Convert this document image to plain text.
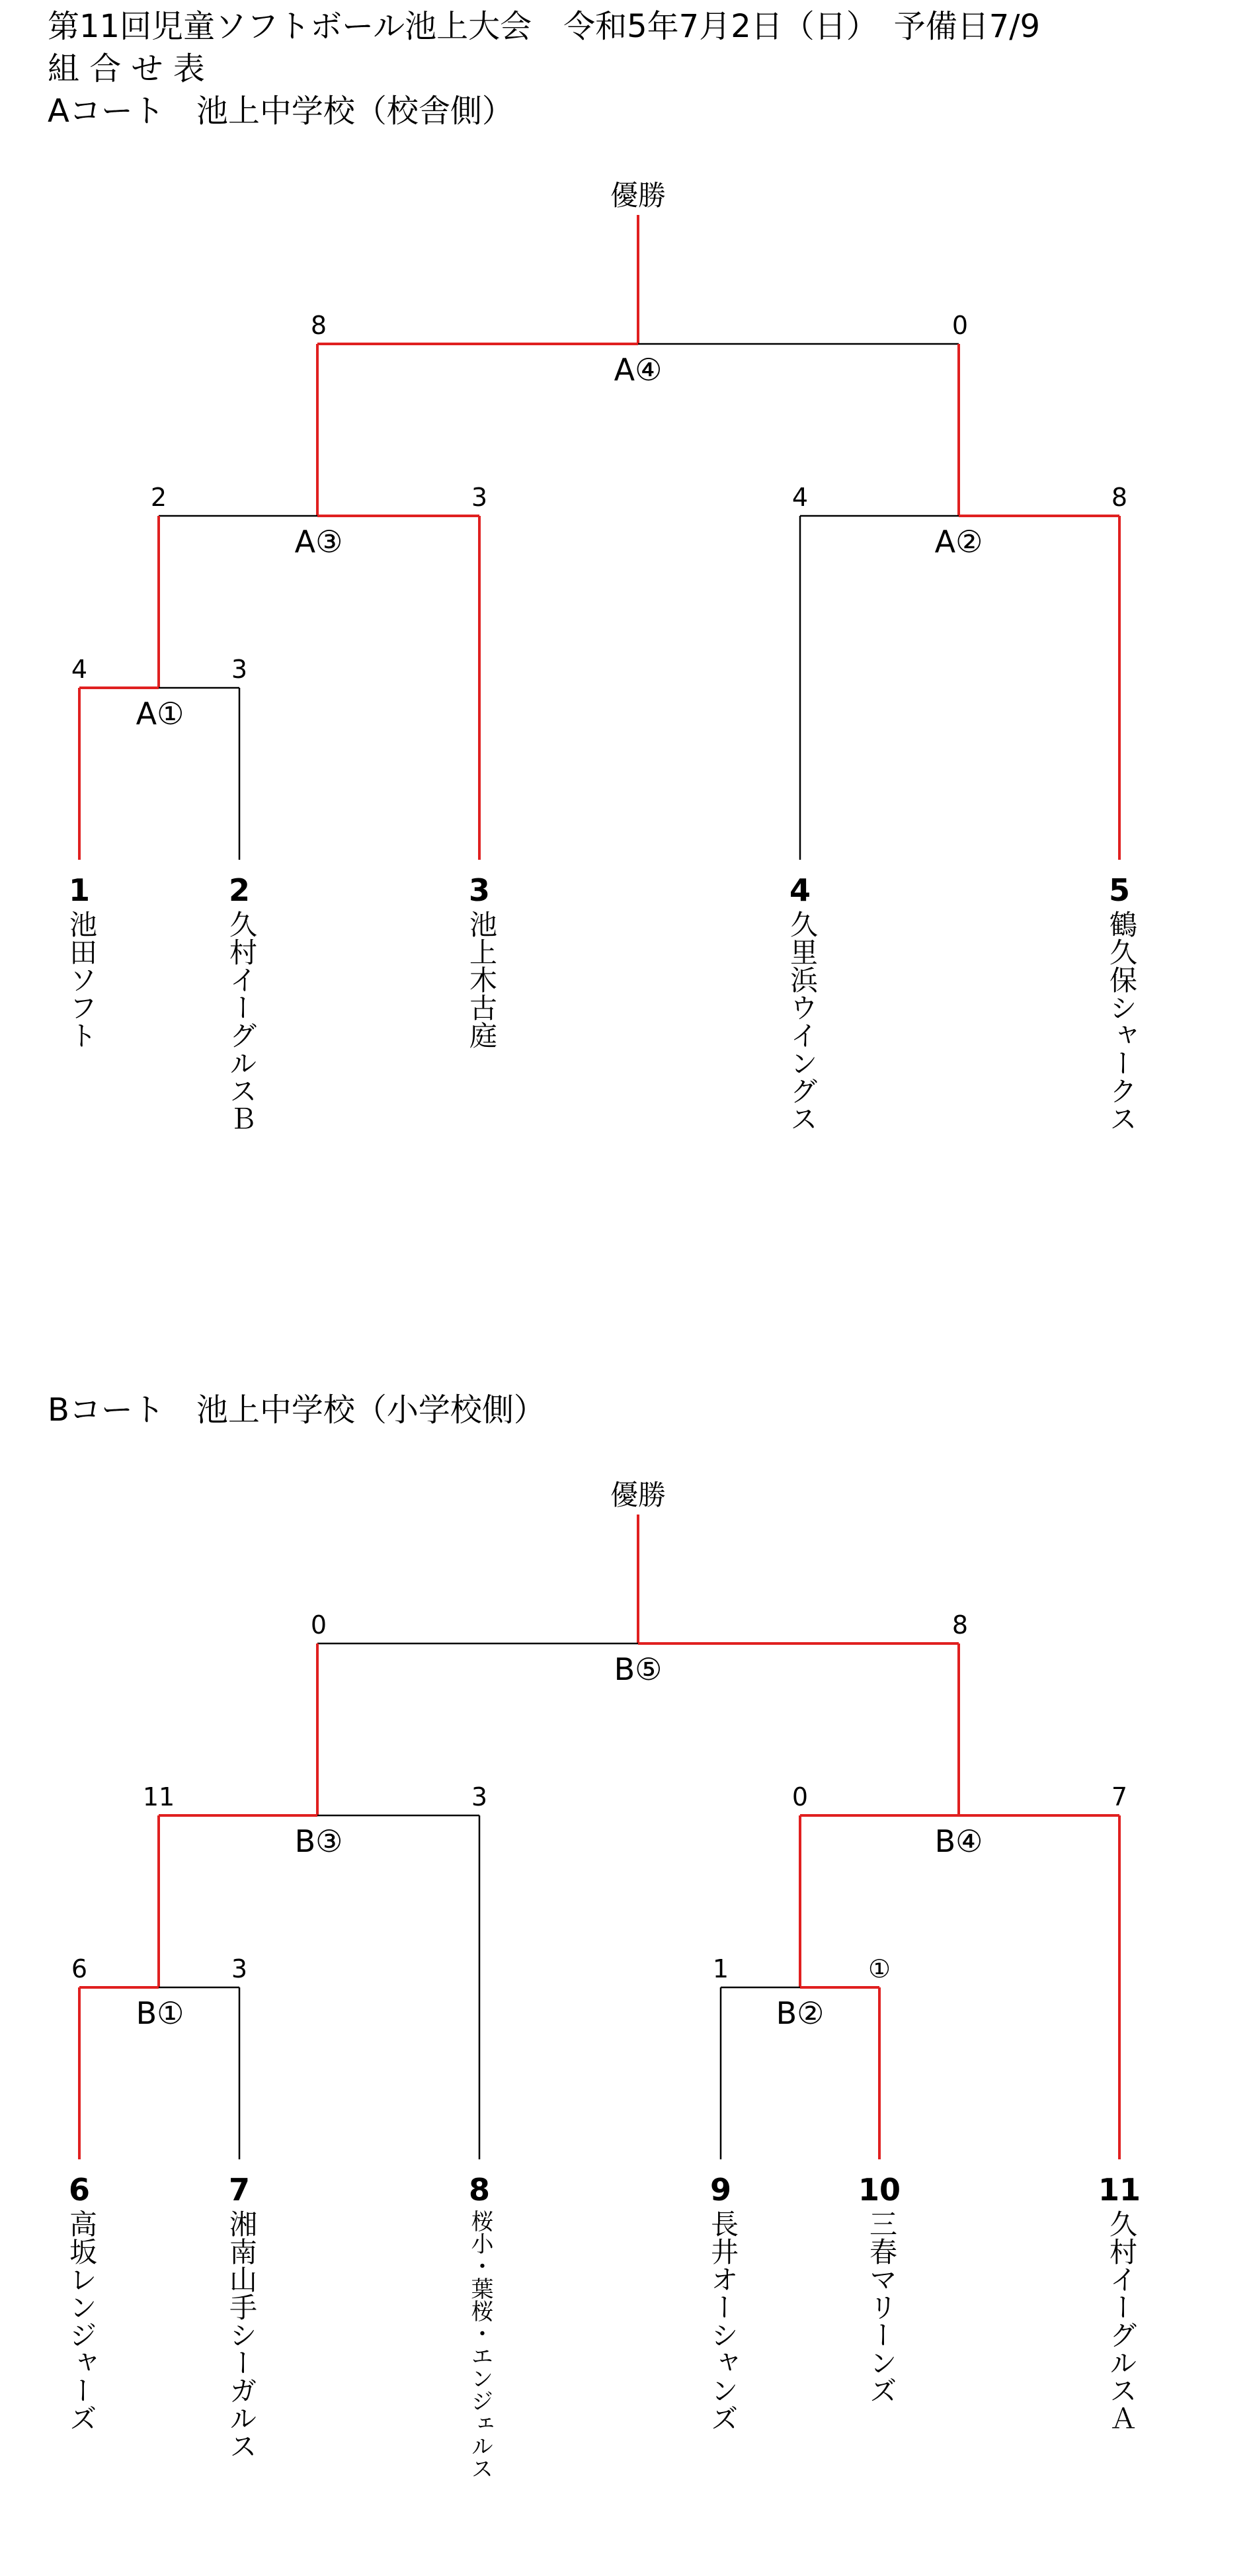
第11回児童ソフトボール池上大会　令和5年7月2日（日）　予備日7/9
組 合 せ 表
Aコート　池上中学校（校舎側）
優勝
8	0
A④
2	3
A③
4	8
A②
4	3
A①
1
池田ソフト
2
久村イーグルスＢ
3
池上木古庭
4
久里浜ウイングス
5
鶴久保シャークス
Bコート　池上中学校（小学校側）
優勝
0	8
B⑤
11	3
B③
0	7
B④
6	3
B①
1	①
B②
6
高坂レンジャーズ
7
湘南山手シーガルス
8
桜小・葉桜・エンジェルス
9
長井オーシャンズ
10
三春マリーンズ
11
久村イーグルスＡ
